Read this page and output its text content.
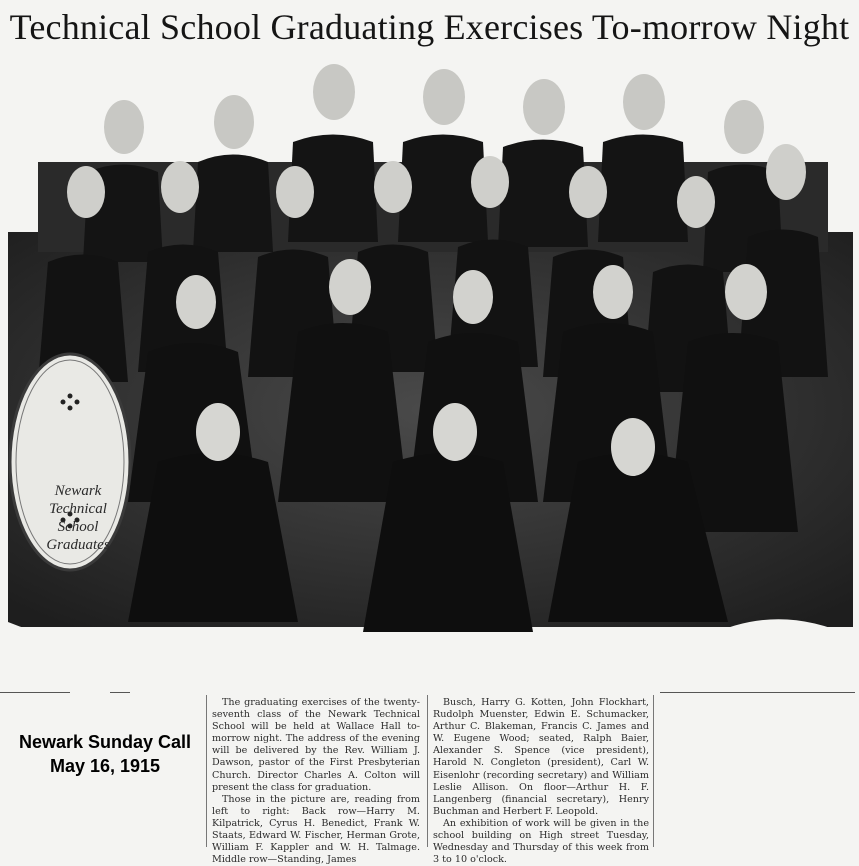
Technical School Graduating Exercises To-morrow Night
Newark
Technical
School
Graduates
Newark Sunday Call
May 16, 1915

The graduating exercises of the twenty-seventh class of the Newark Technical School will be held at Wallace Hall to-morrow night. The address of the evening will be delivered by the Rev. William J. Dawson, pastor of the First Presbyterian Church. Director Charles A. Colton will present the class for graduation.

Those in the picture are, reading from left to right: Back row—Harry M. Kilpatrick, Cyrus H. Benedict, Frank W. Staats, Edward W. Fischer, Herman Grote, William F. Kappler and W. H. Talmage. Middle row—Standing, James

Busch, Harry G. Kotten, John Flockhart, Rudolph Muenster, Edwin E. Schumacker, Arthur C. Blakeman, Francis C. James and W. Eugene Wood; seated, Ralph Baier, Alexander S. Spence (vice president), Harold N. Congleton (president), Carl W. Eisenlohr (recording secretary) and William Leslie Allison. On floor—Arthur H. F. Langenberg (financial secretary), Henry Buchman and Herbert F. Leopold.

An exhibition of work will be given in the school building on High street Tuesday, Wednesday and Thursday of this week from 3 to 10 o'clock.
